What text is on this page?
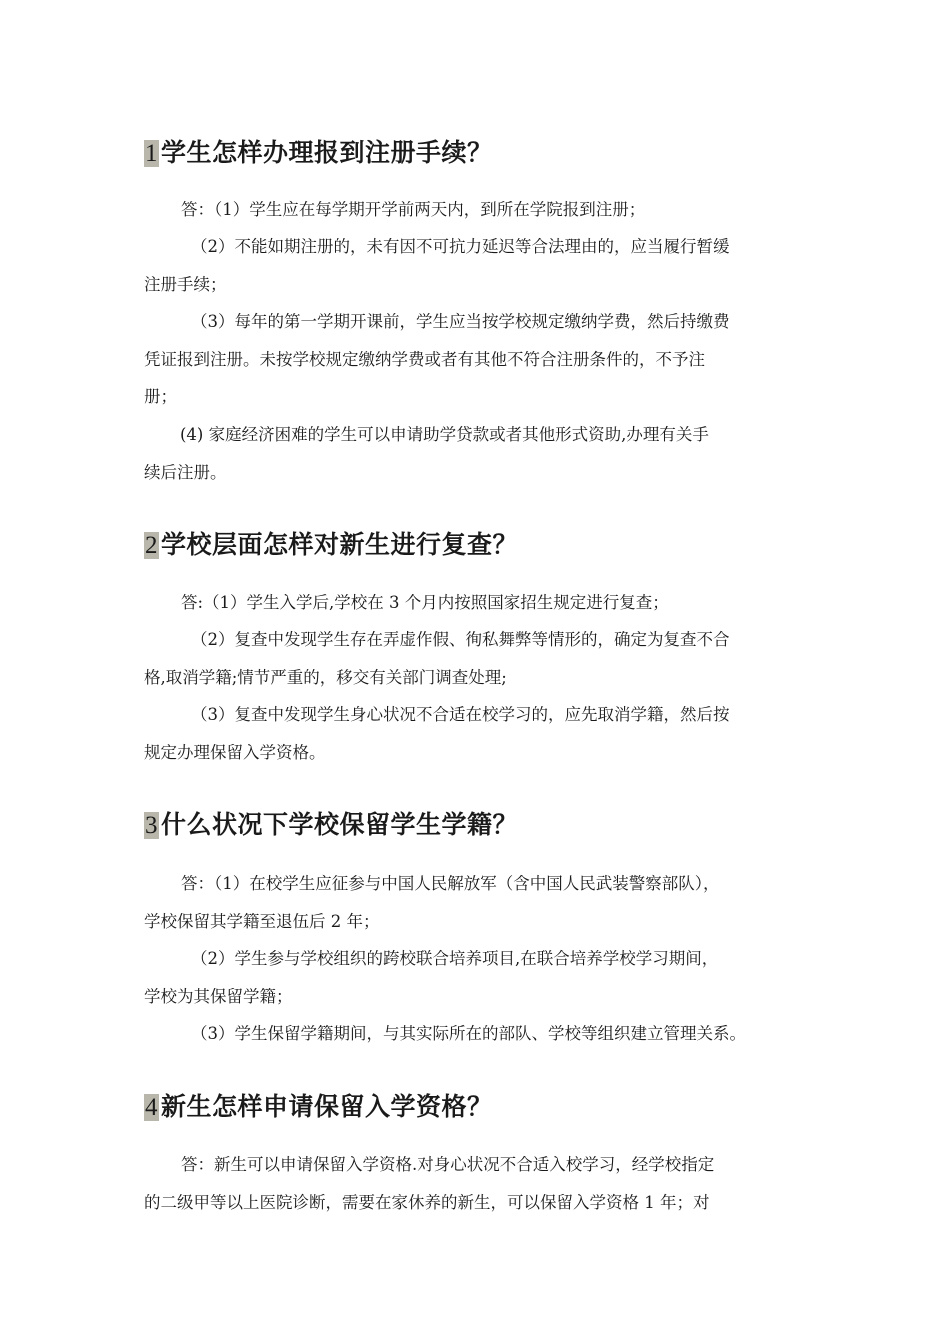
1 学生怎样办理报到注册手续？

答：（1）学生应在每学期开学前两天内，到所在学院报到注册；

（2）不能如期注册的，未有因不可抗力延迟等合法理由的，应当履行暂缓
注册手续；

（3）每年的第一学期开课前，学生应当按学校规定缴纳学费，然后持缴费
凭证报到注册。未按学校规定缴纳学费或者有其他不符合注册条件的，不予注
册；

(4) 家庭经济困难的学生可以申请助学贷款或者其他形式资助,办理有关手
续后注册。

2 学校层面怎样对新生进行复查？

答:（1）学生入学后,学校在 3 个月内按照国家招生规定进行复查；

（2）复查中发现学生存在弄虚作假、徇私舞弊等情形的，确定为复查不合
格,取消学籍;情节严重的，移交有关部门调查处理;

（3）复查中发现学生身心状况不合适在校学习的，应先取消学籍，然后按
规定办理保留入学资格。

3 什么状况下学校保留学生学籍？

答：（1）在校学生应征参与中国人民解放军（含中国人民武装警察部队），
学校保留其学籍至退伍后 2 年；

（2）学生参与学校组织的跨校联合培养项目,在联合培养学校学习期间，
学校为其保留学籍；

（3）学生保留学籍期间，与其实际所在的部队、学校等组织建立管理关系。

4 新生怎样申请保留入学资格？

答：新生可以申请保留入学资格.对身心状况不合适入校学习，经学校指定
的二级甲等以上医院诊断，需要在家休养的新生，可以保留入学资格 1 年；对
